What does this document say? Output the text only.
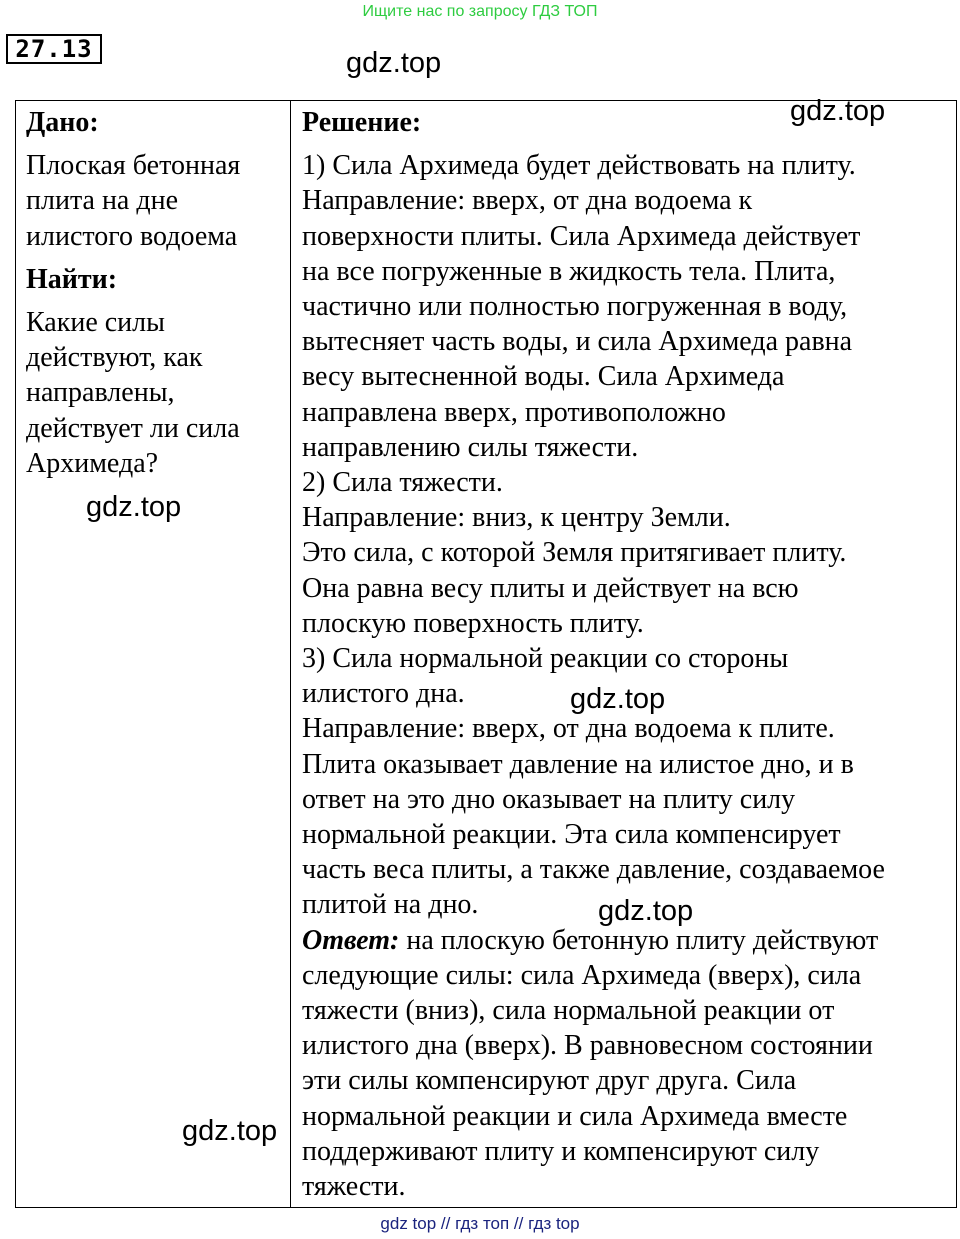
Ищите нас по запросу ГДЗ ТОП
27.13
Дано:
Плоская бетонная
плита на дне
илистого водоема
Найти:
Какие силы
действуют, как
направлены,
действует ли сила
Архимеда?
Решение:
1) Сила Архимеда будет действовать на плиту.
Направление: вверх, от дна водоема к
поверхности плиты. Сила Архимеда действует
на все погруженные в жидкость тела. Плита,
частично или полностью погруженная в воду,
вытесняет часть воды, и сила Архимеда равна
весу вытесненной воды. Сила Архимеда
направлена вверх, противоположно
направлению силы тяжести.
2) Сила тяжести.
Направление: вниз, к центру Земли.
Это сила, с которой Земля притягивает плиту.
Она равна весу плиты и действует на всю
плоскую поверхность плиту.
3) Сила нормальной реакции со стороны
илистого дна.
Направление: вверх, от дна водоема к плите.
Плита оказывает давление на илистое дно, и в
ответ на это дно оказывает на плиту силу
нормальной реакции. Эта сила компенсирует
часть веса плиты, а также давление, создаваемое
плитой на дно.
Ответ: на плоскую бетонную плиту действуют
следующие силы: сила Архимеда (вверх), сила
тяжести (вниз), сила нормальной реакции от
илистого дна (вверх). В равновесном состоянии
эти силы компенсируют друг друга. Сила
нормальной реакции и сила Архимеда вместе
поддерживают плиту и компенсируют силу
тяжести.
gdz.top
gdz.top
gdz.top
gdz.top
gdz.top
gdz.top
gdz top // гдз топ // гдз top
